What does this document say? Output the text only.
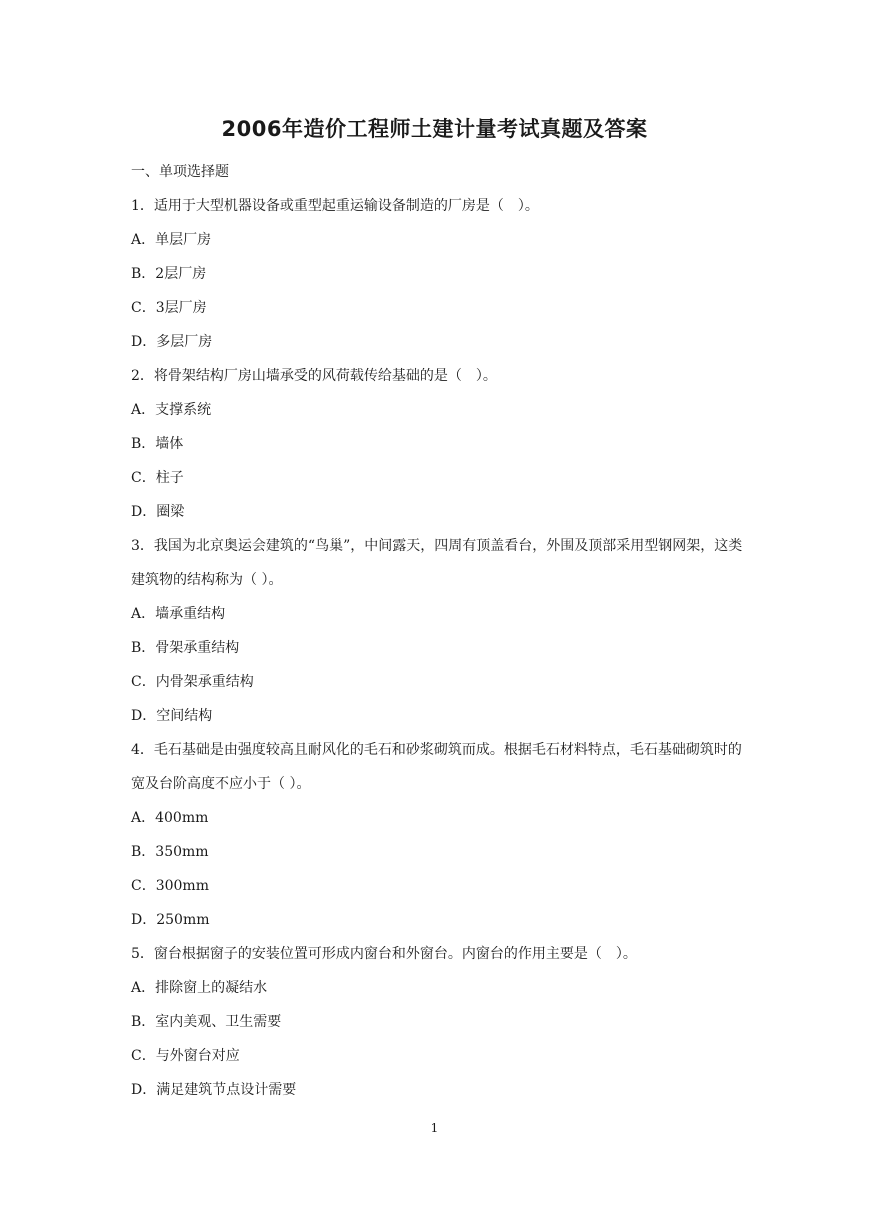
2006年造价工程师土建计量考试真题及答案
一、单项选择题
1．适用于大型机器设备或重型起重运输设备制造的厂房是（　）。
A．单层厂房
B．2层厂房
C．3层厂房
D．多层厂房
2．将骨架结构厂房山墙承受的风荷载传给基础的是（　）。
A．支撑系统
B．墙体
C．柱子
D．圈梁
3．我国为北京奥运会建筑的“鸟巢”，中间露天，四周有顶盖看台，外围及顶部采用型钢网架，这类建筑物的结构称为（ ）。
A．墙承重结构
B．骨架承重结构
C．内骨架承重结构
D．空间结构
4．毛石基础是由强度较高且耐风化的毛石和砂浆砌筑而成。根据毛石材料特点，毛石基础砌筑时的宽及台阶高度不应小于（ ）。
A．400mm
B．350mm
C．300mm
D．250mm
5．窗台根据窗子的安装位置可形成内窗台和外窗台。内窗台的作用主要是（　）。
A．排除窗上的凝结水
B．室内美观、卫生需要
C．与外窗台对应
D．满足建筑节点设计需要
1
